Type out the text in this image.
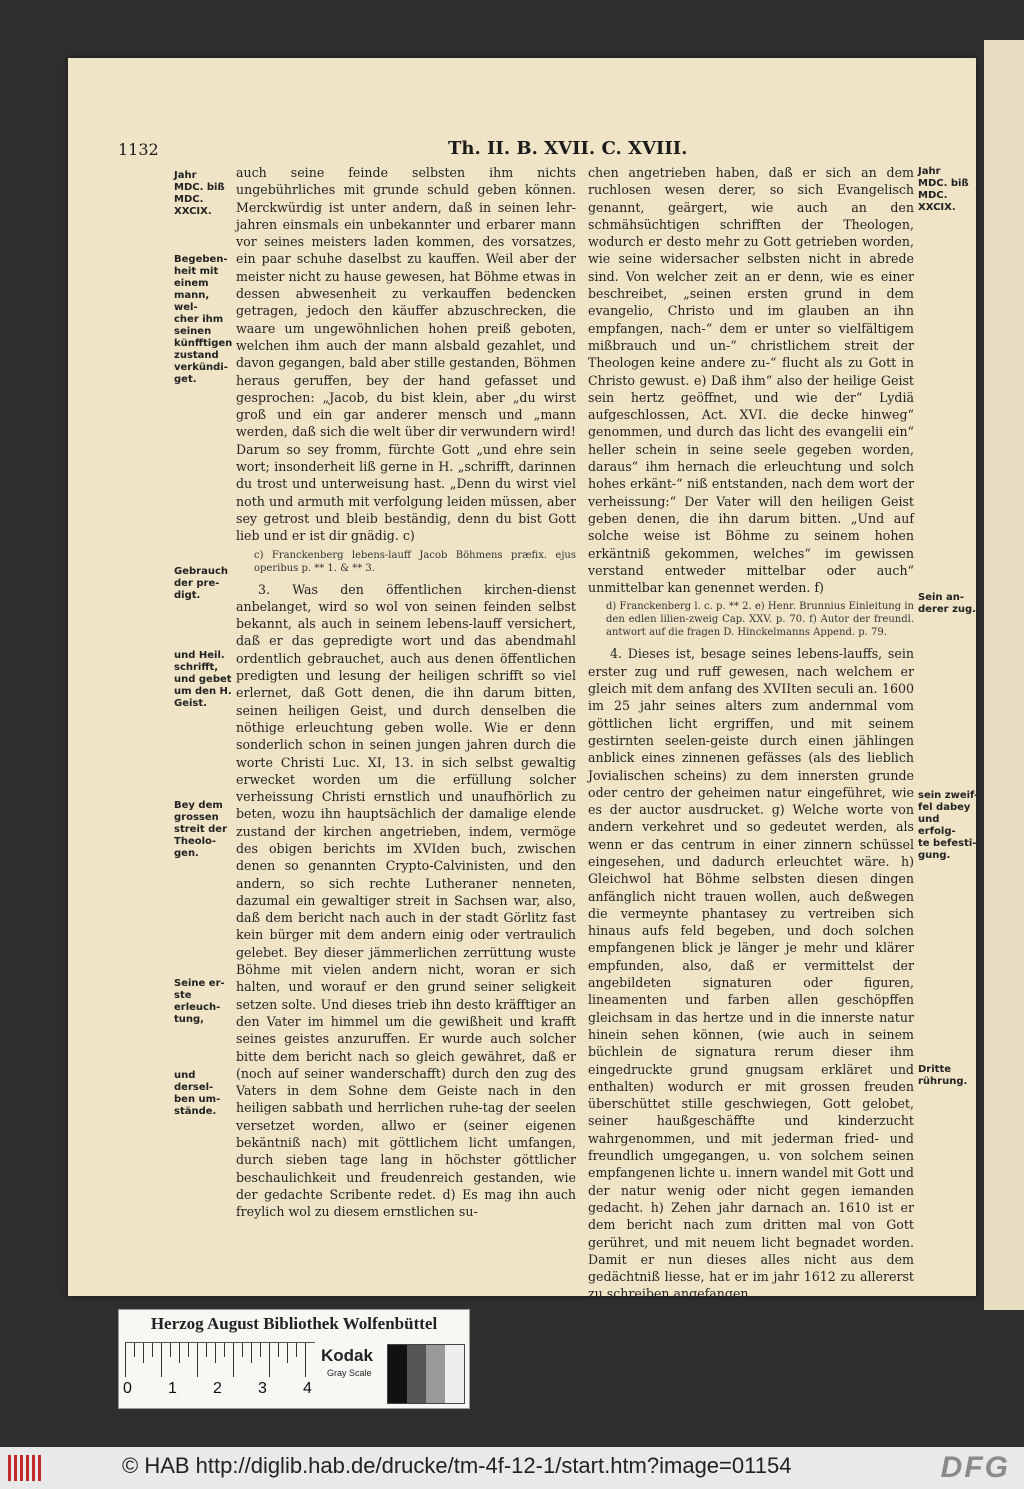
1132	Th. II. B. XVII. C. XVIII.
Jahr
MDC. biß
MDC.
XXCIX.
Begeben-
heit mit
einem
mann, wel-
cher ihm
seinen
künfftigen
zustand
verkündi-
get.
Gebrauch
der pre-
digt.
und Heil.
schrifft,
und gebet
um den H.
Geist.
Bey dem
grossen
streit der
Theolo-
gen.
Seine er-
ste erleuch-
tung,
und dersel-
ben um-
stände.
Jahr
MDC. biß
MDC.
XXCIX.
Sein an-
derer zug.
sein zweif-
fel dabey
und erfolg-
te befesti-
gung.
Dritte
rührung.

auch seine feinde selbsten ihm nichts ungebührliches mit grunde schuld geben können. Merckwürdig ist unter andern, daß in seinen lehr-jahren einsmals ein unbekannter und erbarer mann vor seines meisters laden kommen, des vorsatzes, ein paar schuhe daselbst zu kauffen. Weil aber der meister nicht zu hause gewesen, hat Böhme etwas in dessen abwesenheit zu verkauffen bedencken getragen, jedoch den käuffer abzuschrecken, die waare um ungewöhnlichen hohen preiß geboten, welchen ihm auch der mann alsbald gezahlet, und davon gegangen, bald aber stille gestanden, Böhmen heraus geruffen, bey der hand gefasset und gesprochen: „Jacob, du bist klein, aber „du wirst groß und ein gar anderer mensch und „mann werden, daß sich die welt über dir verwundern wird! Darum so sey fromm, fürchte Gott „und ehre sein wort; insonderheit liß gerne in H. „schrifft, darinnen du trost und unterweisung hast. „Denn du wirst viel noth und armuth mit verfolgung leiden müssen, aber sey getrost und bleib beständig, denn du bist Gott lieb und er ist dir gnädig. c)

c) Franckenberg lebens-lauff Jacob Böhmens præfix. ejus operibus p. ** 1. & ** 3.

3. Was den öffentlichen kirchen-dienst anbelanget, wird so wol von seinen feinden selbst bekannt, als auch in seinem lebens-lauff versichert, daß er das gepredigte wort und das abendmahl ordentlich gebrauchet, auch aus denen öffentlichen predigten und lesung der heiligen schrifft so viel erlernet, daß Gott denen, die ihn darum bitten, seinen heiligen Geist, und durch denselben die nöthige erleuchtung geben wolle. Wie er denn sonderlich schon in seinen jungen jahren durch die worte Christi Luc. XI, 13. in sich selbst gewaltig erwecket worden um die erfüllung solcher verheissung Christi ernstlich und unaufhörlich zu beten, wozu ihn hauptsächlich der damalige elende zustand der kirchen angetrieben, indem, vermöge des obigen berichts im XVIden buch, zwischen denen so genannten Crypto-Calvinisten, und den andern, so sich rechte Lutheraner nenneten, dazumal ein gewaltiger streit in Sachsen war, also, daß dem bericht nach auch in der stadt Görlitz fast kein bürger mit dem andern einig oder vertraulich gelebet. Bey dieser jämmerlichen zerrüttung wuste Böhme mit vielen andern nicht, woran er sich halten, und worauf er den grund seiner seligkeit setzen solte. Und dieses trieb ihn desto kräfftiger an den Vater im himmel um die gewißheit und krafft seines geistes anzuruffen. Er wurde auch solcher bitte dem bericht nach so gleich gewähret, daß er (noch auf seiner wanderschafft) durch den zug des Vaters in dem Sohne dem Geiste nach in den heiligen sabbath und herrlichen ruhe-tag der seelen versetzet worden, allwo er (seiner eigenen bekäntniß nach) mit göttlichem licht umfangen, durch sieben tage lang in höchster göttlicher beschaulichkeit und freudenreich gestanden, wie der gedachte Scribente redet. d) Es mag ihn auch freylich wol zu diesem ernstlichen su-

chen angetrieben haben, daß er sich an dem ruchlosen wesen derer, so sich Evangelisch genannt, geärgert, wie auch an den schmähsüchtigen schrifften der Theologen, wodurch er desto mehr zu Gott getrieben worden, wie seine widersacher selbsten nicht in abrede sind. Von welcher zeit an er denn, wie es einer beschreibet, „seinen ersten grund in dem evangelio, Christo und im glauben an ihn empfangen, nach-“ dem er unter so vielfältigem mißbrauch und un-“ christlichem streit der Theologen keine andere zu-“ flucht als zu Gott in Christo gewust. e) Daß ihm“ also der heilige Geist sein hertz geöffnet, und wie der“ Lydiä aufgeschlossen, Act. XVI. die decke hinweg“ genommen, und durch das licht des evangelii ein“ heller schein in seine seele gegeben worden, daraus“ ihm hernach die erleuchtung und solch hohes erkänt-“ niß entstanden, nach dem wort der verheissung:“ Der Vater will den heiligen Geist geben denen, die ihn darum bitten. „Und auf solche weise ist Böhme zu seinem hohen erkäntniß gekommen, welches“ im gewissen verstand entweder mittelbar oder auch“ unmittelbar kan genennet werden. f)

d) Franckenberg l. c. p. ** 2. e) Henr. Brunnius Einleitung in den edlen lilien-zweig Cap. XXV. p. 70. f) Autor der freundl. antwort auf die fragen D. Hinckelmanns Append. p. 79.

4. Dieses ist, besage seines lebens-lauffs, sein erster zug und ruff gewesen, nach welchem er gleich mit dem anfang des XVIIten seculi an. 1600 im 25 jahr seines alters zum andernmal vom göttlichen licht ergriffen, und mit seinem gestirnten seelen-geiste durch einen jählingen anblick eines zinnenen gefässes (als des lieblich Jovialischen scheins) zu dem innersten grunde oder centro der geheimen natur eingeführet, wie es der auctor ausdrucket. g) Welche worte von andern verkehret und so gedeutet werden, als wenn er das centrum in einer zinnern schüssel eingesehen, und dadurch erleuchtet wäre. h) Gleichwol hat Böhme selbsten diesen dingen anfänglich nicht trauen wollen, auch deßwegen die vermeynte phantasey zu vertreiben sich hinaus aufs feld begeben, und doch solchen empfangenen blick je länger je mehr und klärer empfunden, also, daß er vermittelst der angebildeten signaturen oder figuren, lineamenten und farben allen geschöpffen gleichsam in das hertze und in die innerste natur hinein sehen können, (wie auch in seinem büchlein de signatura rerum dieser ihm eingedruckte grund gnugsam erkläret und enthalten) wodurch er mit grossen freuden überschüttet stille geschwiegen, Gott gelobet, seiner haußgeschäffte und kinderzucht wahrgenommen, und mit jederman fried- und freundlich umgegangen, u. von solchem seinen empfangenen lichte u. innern wandel mit Gott und der natur wenig oder nicht gegen iemanden gedacht. h) Zehen jahr darnach an. 1610 ist er dem bericht nach zum dritten mal von Gott gerühret, und mit neuem licht begnadet worden. Damit er nun dieses alles nicht aus dem gedächtniß liesse, hat er im jahr 1612 zu allererst zu schreiben angefangen,

Herzog August Bibliothek Wolfenbüttel
0 1 2 3 4
Kodak
Gray Scale
© HAB http://diglib.hab.de/drucke/tm-4f-12-1/start.htm?image=01154	DFG
